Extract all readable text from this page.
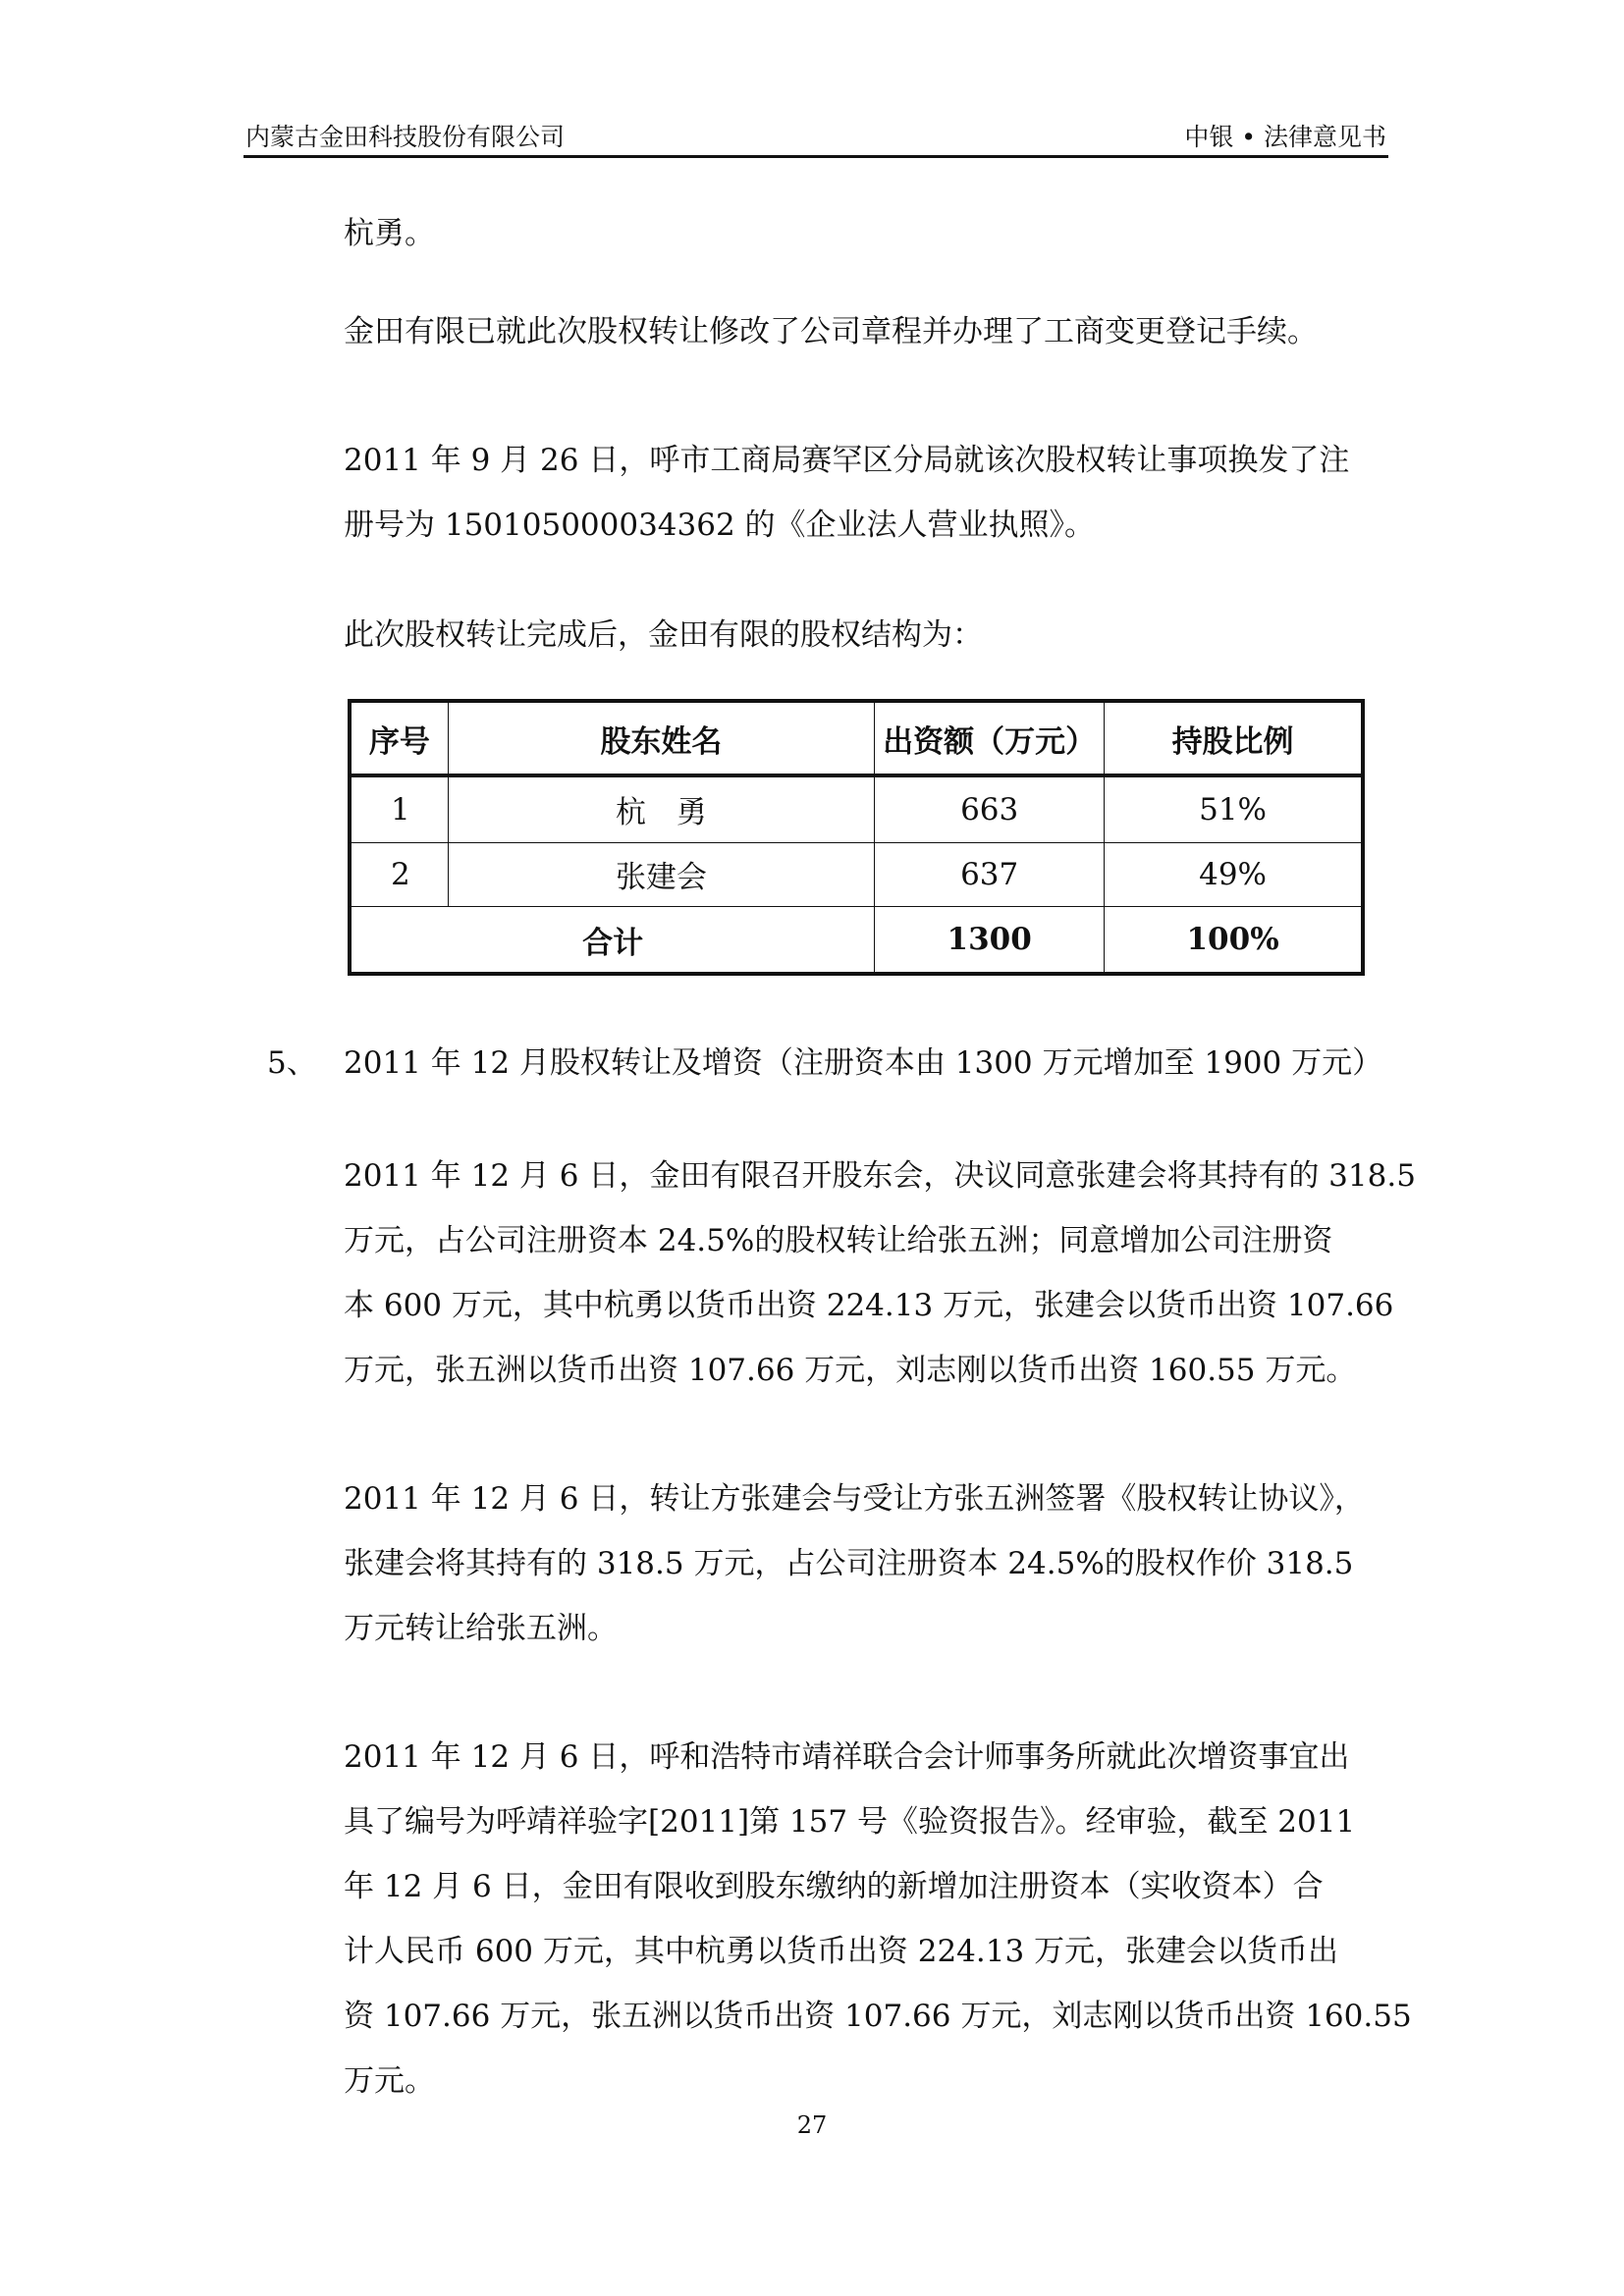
内蒙古金田科技股份有限公司	中银 • 法律意见书

杭勇。

金田有限已就此次股权转让修改了公司章程并办理了工商变更登记手续。

2011 年 9 月 26 日，呼市工商局赛罕区分局就该次股权转让事项换发了注

册号为 150105000034362 的《企业法人营业执照》。

此次股权转让完成后，金田有限的股权结构为：

序号	股东姓名	出资额（万元）	持股比例
1	杭　勇	663	51%
2	张建会	637	49%
合计		1300	100%

5、 2011 年 12 月股权转让及增资（注册资本由 1300 万元增加至 1900 万元）

2011 年 12 月 6 日，金田有限召开股东会，决议同意张建会将其持有的 318.5

万元，占公司注册资本 24.5%的股权转让给张五洲；同意增加公司注册资

本 600 万元，其中杭勇以货币出资 224.13 万元，张建会以货币出资 107.66

万元，张五洲以货币出资 107.66 万元，刘志刚以货币出资 160.55 万元。

2011 年 12 月 6 日，转让方张建会与受让方张五洲签署《股权转让协议》，

张建会将其持有的 318.5 万元，占公司注册资本 24.5%的股权作价 318.5

万元转让给张五洲。

2011 年 12 月 6 日，呼和浩特市靖祥联合会计师事务所就此次增资事宜出

具了编号为呼靖祥验字[2011]第 157 号《验资报告》。经审验，截至 2011

年 12 月 6 日，金田有限收到股东缴纳的新增加注册资本（实收资本）合

计人民币 600 万元，其中杭勇以货币出资 224.13 万元，张建会以货币出

资 107.66 万元，张五洲以货币出资 107.66 万元，刘志刚以货币出资 160.55

万元。

27
